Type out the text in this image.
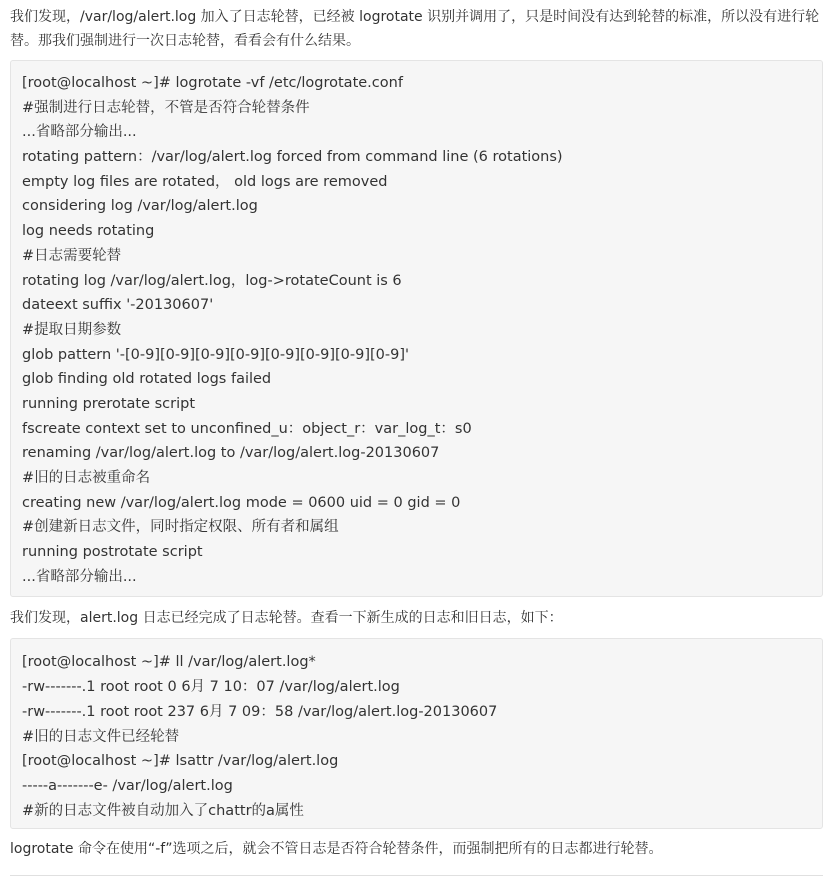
我们发现，/var/log/alert.log 加入了日志轮替，已经被 logrotate 识别并调用了，只是时间没有达到轮替的标准，所以没有进行轮替。那我们强制进行一次日志轮替，看看会有什么结果。

[root@localhost ~]# logrotate -vf /etc/logrotate.conf
#强制进行日志轮替，不管是否符合轮替条件
...省略部分输出...
rotating pattern：/var/log/alert.log forced from command line (6 rotations)
empty log files are rotated， old logs are removed
considering log /var/log/alert.log
log needs rotating
#日志需要轮替
rotating log /var/log/alert.log，log->rotateCount is 6
dateext suffix '-20130607'
#提取日期参数
glob pattern '-[0-9][0-9][0-9][0-9][0-9][0-9][0-9][0-9]'
glob finding old rotated logs failed
running prerotate script
fscreate context set to unconfined_u：object_r：var_log_t：s0
renaming /var/log/alert.log to /var/log/alert.log-20130607
#旧的日志被重命名
creating new /var/log/alert.log mode = 0600 uid = 0 gid = 0
#创建新日志文件，同时指定权限、所有者和属组
running postrotate script
...省略部分输出...

我们发现，alert.log 日志已经完成了日志轮替。查看一下新生成的日志和旧日志，如下：

[root@localhost ~]# ll /var/log/alert.log*
-rw-------.1 root root 0 6月 7 10：07 /var/log/alert.log
-rw-------.1 root root 237 6月 7 09：58 /var/log/alert.log-20130607
#旧的日志文件已经轮替
[root@localhost ~]# lsattr /var/log/alert.log
-----a-------e- /var/log/alert.log
#新的日志文件被自动加入了chattr的a属性

logrotate 命令在使用“-f”选项之后，就会不管日志是否符合轮替条件，而强制把所有的日志都进行轮替。
